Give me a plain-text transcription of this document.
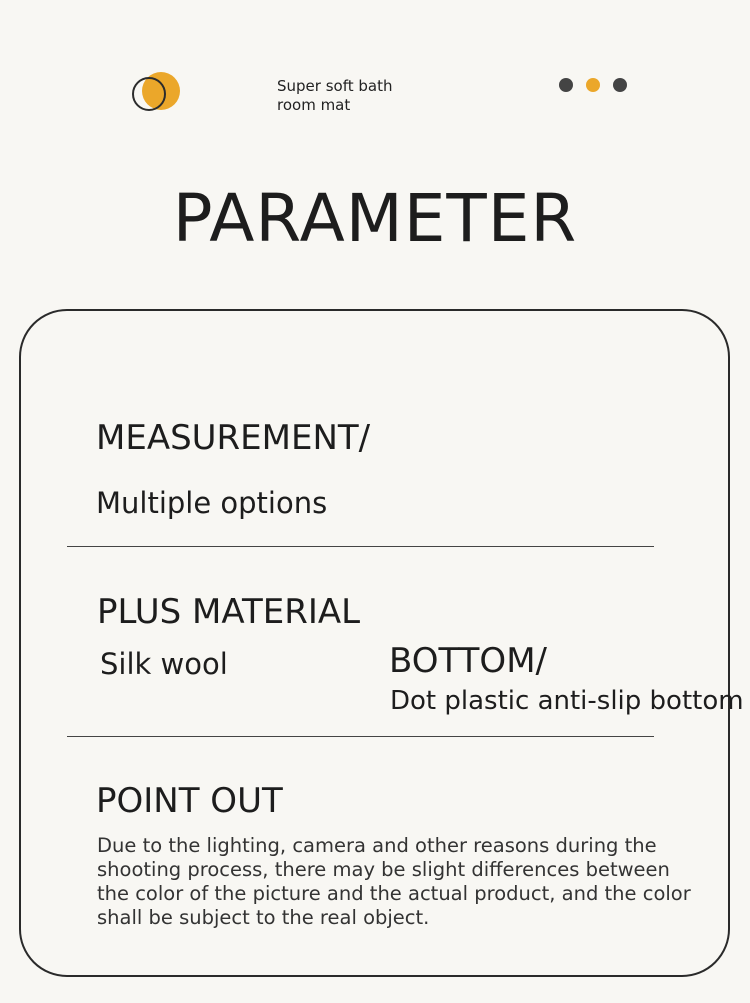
Super soft bath room mat
PARAMETER
MEASUREMENT/
Multiple options
PLUS MATERIAL
Silk wool	BOTTOM/
Dot plastic anti-slip bottom
POINT OUT
Due to the lighting, camera and other reasons during the shooting process, there may be slight differences between the color of the picture and the actual product, and the color shall be subject to the real object.
